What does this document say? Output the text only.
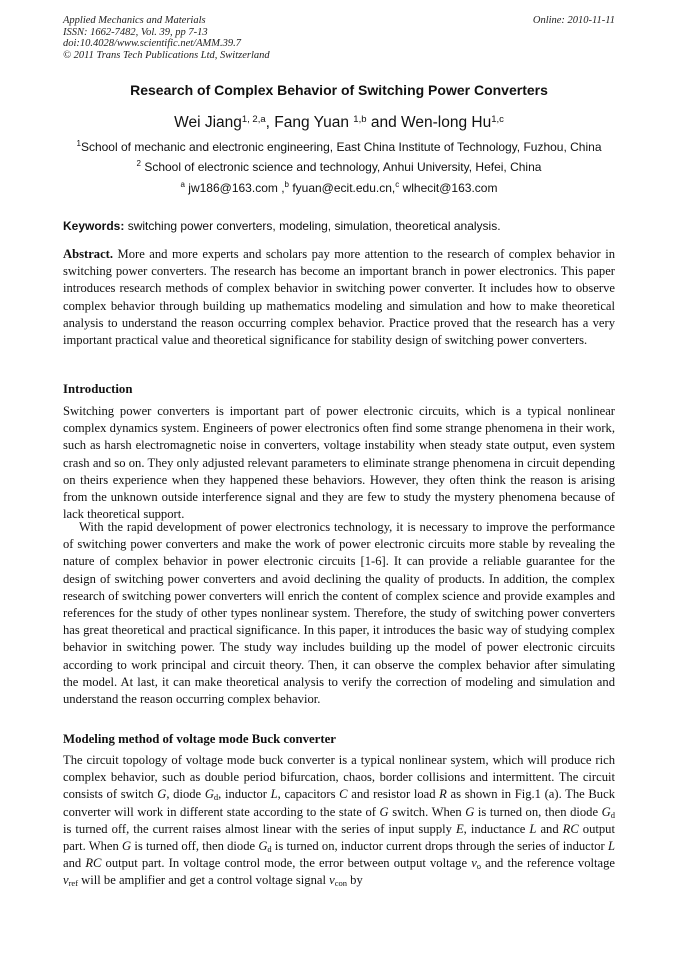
Applied Mechanics and Materials
ISSN: 1662-7482, Vol. 39, pp 7-13
doi:10.4028/www.scientific.net/AMM.39.7
© 2011 Trans Tech Publications Ltd, Switzerland
Online: 2010-11-11
Research of Complex Behavior of Switching Power Converters
Wei Jiang$^{1, 2,a}$, Fang Yuan $^{1,b}$ and Wen-long Hu$^{1,c}$
$^1$School of mechanic and electronic engineering, East China Institute of Technology, Fuzhou, China
$^2$ School of electronic science and technology, Anhui University, Hefei, China
$^a$ jw186@163.com ,$^b$ fyuan@ecit.edu.cn,$^c$ wlhecit@163.com
Keywords: switching power converters, modeling, simulation, theoretical analysis.
Abstract. More and more experts and scholars pay more attention to the research of complex behavior in switching power converters. The research has become an important branch in power electronics. This paper introduces research methods of complex behavior in switching power converter. It includes how to observe complex behavior through building up mathematics modeling and simulation and how to make theoretical analysis to understand the reason occurring complex behavior. Practice proved that the research has a very important practical value and theoretical significance for stability design of switching power converters.
Introduction
Switching power converters is important part of power electronic circuits, which is a typical nonlinear complex dynamics system. Engineers of power electronics often find some strange phenomena in their work, such as harsh electromagnetic noise in converters, voltage instability when steady state output, even system crash and so on. They only adjusted relevant parameters to eliminate strange phenomena in circuit depending on theirs experience when they happened these behaviors. However, they often think the reason is arising from the unknown outside interference signal and they are few to study the mystery phenomena because of lack theoretical support.
With the rapid development of power electronics technology, it is necessary to improve the performance of switching power converters and make the work of power electronic circuits more stable by revealing the nature of complex behavior in power electronic circuits [1-6]. It can provide a reliable guarantee for the design of switching power converters and avoid declining the quality of products. In addition, the complex research of switching power converters will enrich the content of complex science and provide examples and references for the study of other types nonlinear system. Therefore, the study of switching power converters has great theoretical and practical significance. In this paper, it introduces the basic way of studying complex behavior in switching power. The study way includes building up the model of power electronic circuits according to work principal and circuit theory. Then, it can observe the complex behavior after simulating the model. At last, it can make theoretical analysis to verify the correction of modeling and simulation and understand the reason occurring complex behavior.
Modeling method of voltage mode Buck converter
The circuit topology of voltage mode buck converter is a typical nonlinear system, which will produce rich complex behavior, such as double period bifurcation, chaos, border collisions and intermittent. The circuit consists of switch G, diode $G_d$, inductor L, capacitors C and resistor load R as shown in Fig.1 (a). The Buck converter will work in different state according to the state of G switch. When G is turned on, then diode $G_d$ is turned off, the current raises almost linear with the series of input supply E, inductance L and RC output part. When G is turned off, then diode $G_d$ is turned on, inductor current drops through the series of inductor L and RC output part. In voltage control mode, the error between output voltage $v_o$ and the reference voltage $v_{ref}$ will be amplifier and get a control voltage signal $v_{con}$ by
